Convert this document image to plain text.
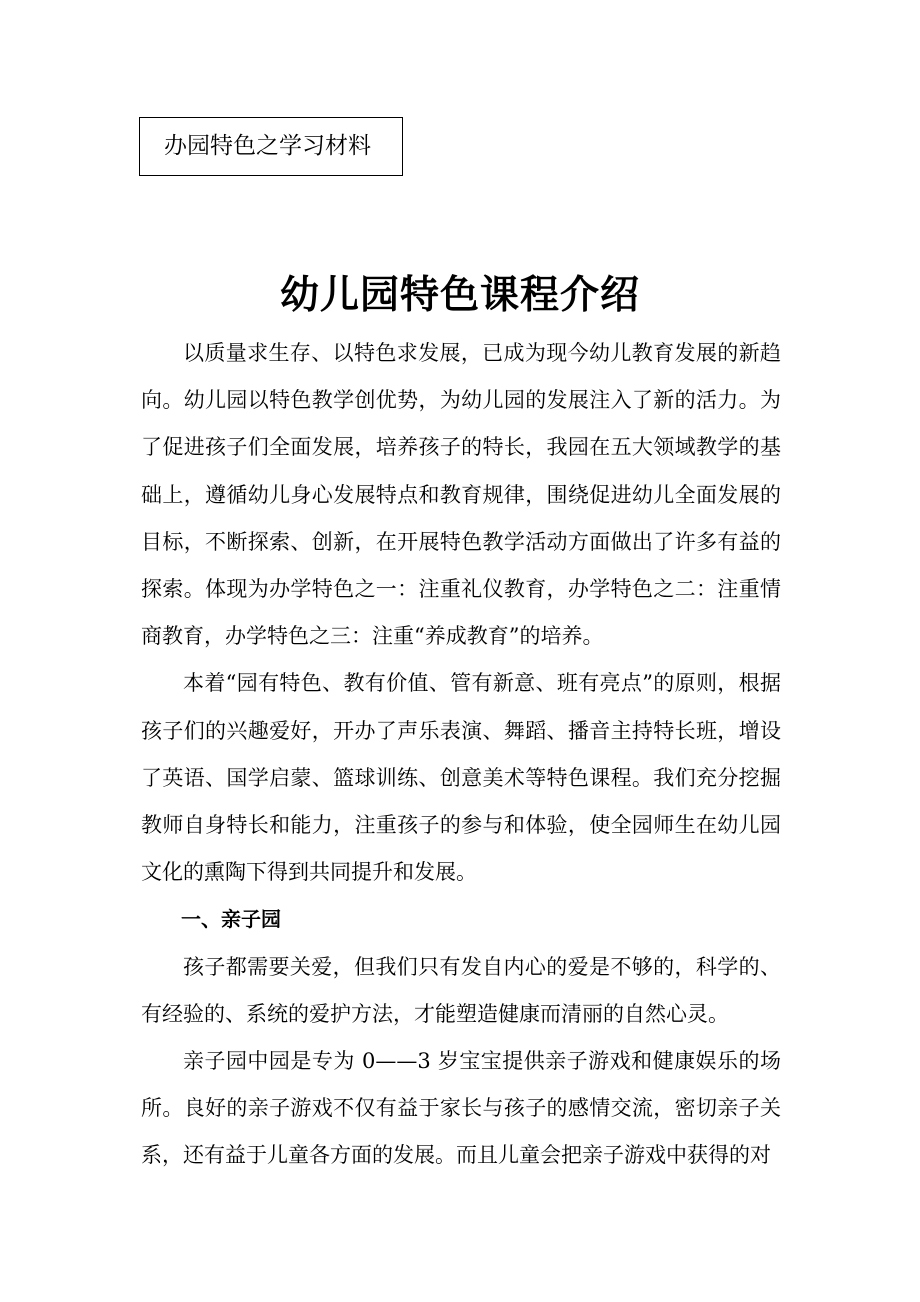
办园特色之学习材料
幼儿园特色课程介绍

以质量求生存、以特色求发展，已成为现今幼儿教育发展的新趋向。幼儿园以特色教学创优势，为幼儿园的发展注入了新的活力。为了促进孩子们全面发展，培养孩子的特长，我园在五大领域教学的基础上，遵循幼儿身心发展特点和教育规律，围绕促进幼儿全面发展的目标，不断探索、创新，在开展特色教学活动方面做出了许多有益的探索。体现为办学特色之一：注重礼仪教育，办学特色之二：注重情商教育，办学特色之三：注重“养成教育”的培养。

本着“园有特色、教有价值、管有新意、班有亮点”的原则，根据孩子们的兴趣爱好，开办了声乐表演、舞蹈、播音主持特长班，增设了英语、国学启蒙、篮球训练、创意美术等特色课程。我们充分挖掘教师自身特长和能力，注重孩子的参与和体验，使全园师生在幼儿园文化的熏陶下得到共同提升和发展。

一、亲子园

孩子都需要关爱，但我们只有发自内心的爱是不够的，科学的、有经验的、系统的爱护方法，才能塑造健康而清丽的自然心灵。

亲子园中园是专为 0——3 岁宝宝提供亲子游戏和健康娱乐的场所。良好的亲子游戏不仅有益于家长与孩子的感情交流，密切亲子关系，还有益于儿童各方面的发展。而且儿童会把亲子游戏中获得的对
